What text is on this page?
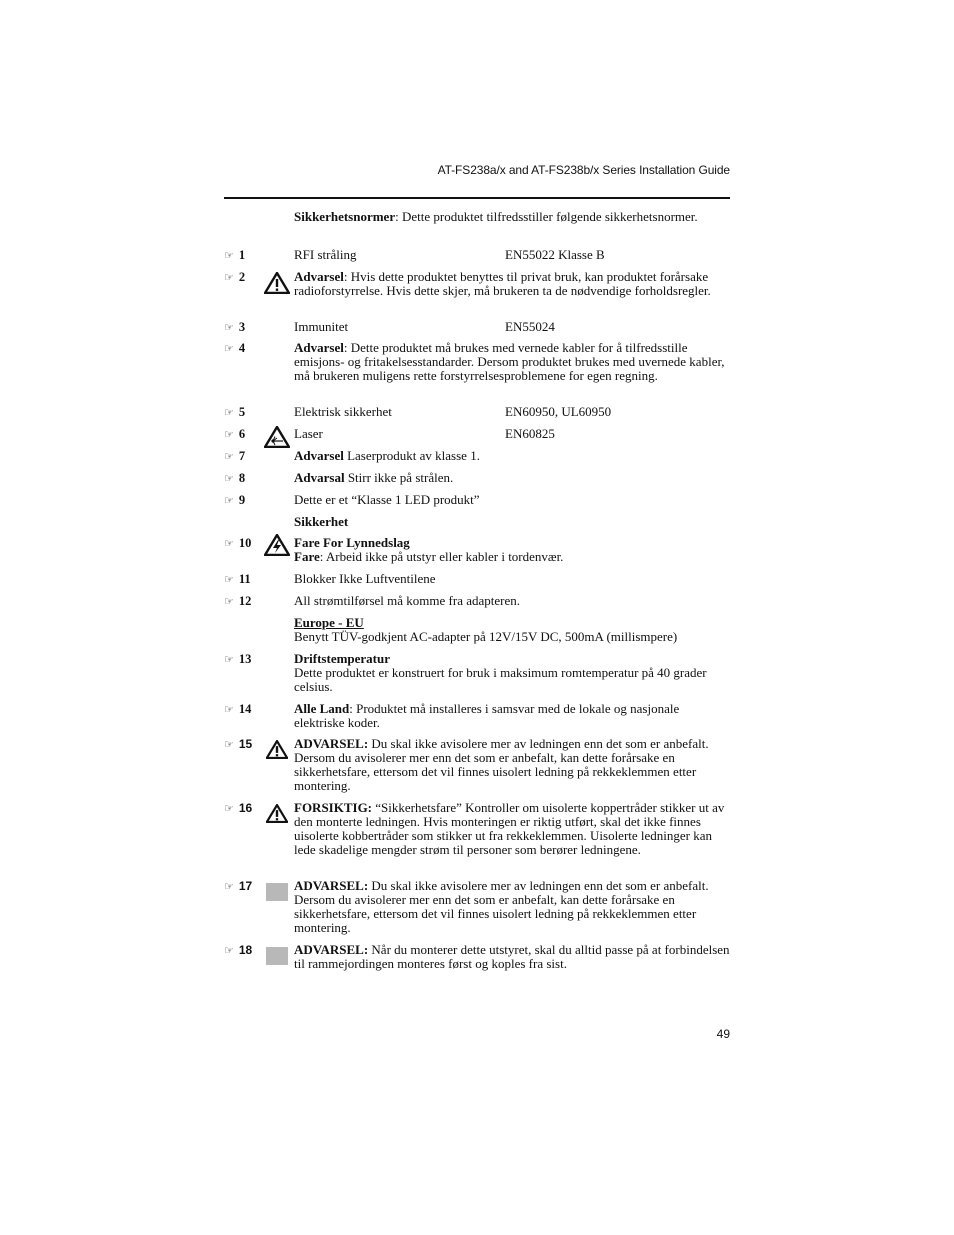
AT-FS238a/x and AT-FS238b/x Series Installation Guide
Sikkerhetsnormer: Dette produktet tilfredsstiller følgende sikkerhetsnormer.
☞ 1	RFI stråling	EN55022 Klasse B
☞ 2	Advarsel: Hvis dette produktet benyttes til privat bruk, kan produktet forårsake radioforstyrrelse. Hvis dette skjer, må brukeren ta de nødvendige forholdsregler.
☞ 3	Immunitet	EN55024
☞ 4	Advarsel: Dette produktet må brukes med vernede kabler for å tilfredsstille emisjons- og fritakelsesstandarder. Dersom produktet brukes med uvernede kabler, må brukeren muligens rette forstyrrelsesproblemene for egen regning.
☞ 5	Elektrisk sikkerhet	EN60950, UL60950
☞ 6	Laser	EN60825
☞ 7	Advarsel Laserprodukt av klasse 1.
☞ 8	Advarsal Stirr ikke på strålen.
☞ 9	Dette er et “Klasse 1 LED produkt”
Sikkerhet
☞ 10	Fare For Lynnedslag
Fare: Arbeid ikke på utstyr eller kabler i tordenvær.
☞ 11	Blokker Ikke Luftventilene
☞ 12	All strømtilførsel må komme fra adapteren.
Europe - EU
Benytt TÜV-godkjent AC-adapter på 12V/15V DC, 500mA (millismpere)
☞ 13	Driftstemperatur
Dette produktet er konstruert for bruk i maksimum romtemperatur på 40 grader celsius.
☞ 14	Alle Land: Produktet må installeres i samsvar med de lokale og nasjonale elektriske koder.
☞ 15	ADVARSEL: Du skal ikke avisolere mer av ledningen enn det som er anbefalt. Dersom du avisolerer mer enn det som er anbefalt, kan dette forårsake en sikkerhetsfare, ettersom det vil finnes uisolert ledning på rekkeklemmen etter montering.
☞ 16	FORSIKTIG: “Sikkerhetsfare” Kontroller om uisolerte koppertråder stikker ut av den monterte ledningen. Hvis monteringen er riktig utført, skal det ikke finnes uisolerte kobbertråder som stikker ut fra rekkeklemmen. Uisolerte ledninger kan lede skadelige mengder strøm til personer som berører ledningene.
☞ 17	ADVARSEL: Du skal ikke avisolere mer av ledningen enn det som er anbefalt. Dersom du avisolerer mer enn det som er anbefalt, kan dette forårsake en sikkerhetsfare, ettersom det vil finnes uisolert ledning på rekkeklemmen etter montering.
☞ 18	ADVARSEL: Når du monterer dette utstyret, skal du alltid passe på at forbindelsen til rammejordingen monteres først og koples fra sist.
49
